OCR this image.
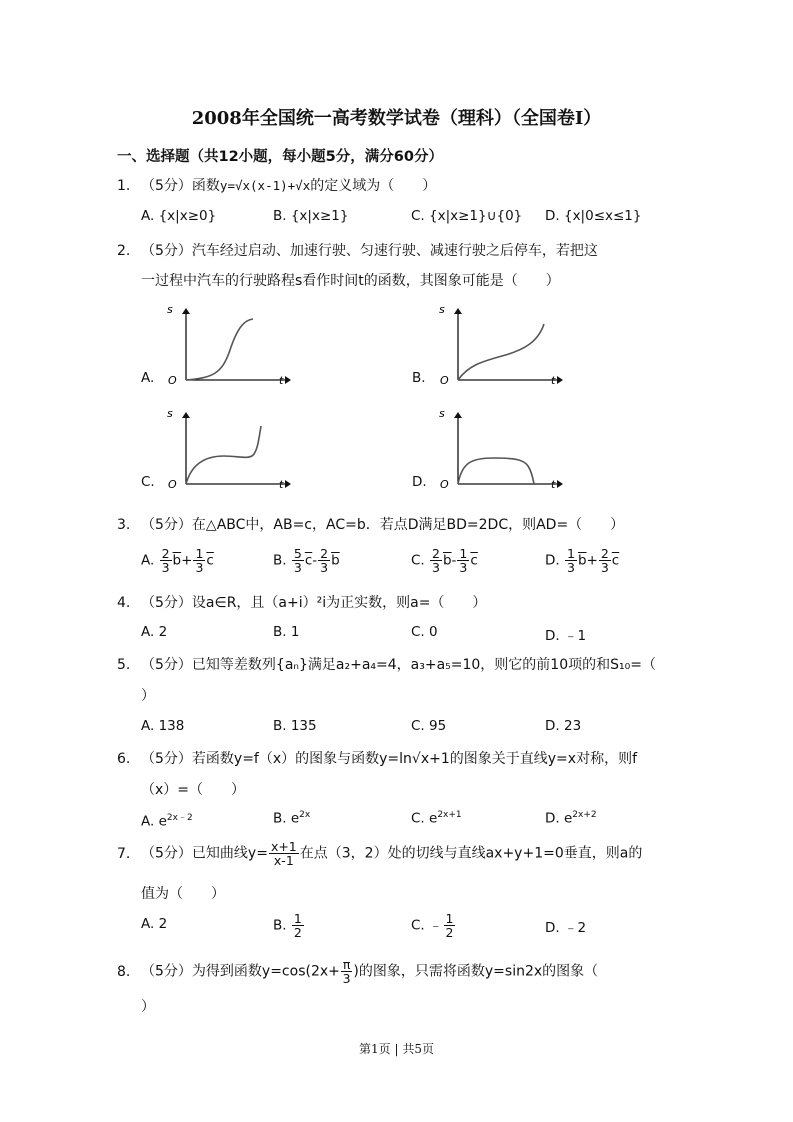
2008年全国统一高考数学试卷（理科）（全国卷Ⅰ）
一、选择题（共12小题，每小题5分，满分60分）
1. （5分）函数y=√x(x-1)+√x的定义域为（　　）
A. {x|x≥0}	B. {x|x≥1}	C. {x|x≥1}∪{0} D. {x|0≤x≤1}
2. （5分）汽车经过启动、加速行驶、匀速行驶、减速行驶之后停车，若把这
一过程中汽车的行驶路程s看作时间t的函数，其图象可能是（　　）
A.
s
O	t	B.
s
O	t
C.
s
O	t	D.
s
O	t
3. （5分）在△ABC中，AB=c，AC=b．若点D满足BD=2DC，则AD=（　　）
A. $\frac{2}{3} \overline{b}+ \frac{1}{3} \overline{c}$	B. $\frac{5}{3} \overline{c}- \frac{2}{3} \overline{b}$	C. $\frac{2}{3} \overline{b}- \frac{1}{3} \overline{c}$	D. $\frac{1}{3} \overline{b}+ \frac{2}{3} \overline{c}$
4. （5分）设a∈R，且（a+i）²i为正实数，则a=（　　）
A. 2	B. 1	C. 0	D. ﹣1
5. （5分）已知等差数列{aₙ}满足a₂+a₄=4，a₃+a₅=10，则它的前10项的和S₁₀=（
）
A. 138	B. 135	C. 95	D. 23
6. （5分）若函数y=f（x）的图象与函数y=ln√x+1的图象关于直线y=x对称，则f
（x）=（　　）
A. $e^{2x﹣2}$	B. $e^{2x}$	C. $e^{2x+1}$	D. $e^{2x+2}$
7. （5分）已知曲线$y= \frac{x+1}{x-1}$ 在点（3，2）处的切线与直线ax+y+1=0垂直，则a的
值为（　　）
A. 2	B. $\frac{1}{2}$	C. ﹣ $\frac{1}{2}$	D. ﹣2
8. （5分）为得到函数$y=\cos(2x+ \frac{\pi}{3}$ )的图象，只需将函数y=sin2x的图象（
）
第1页 | 共5页
